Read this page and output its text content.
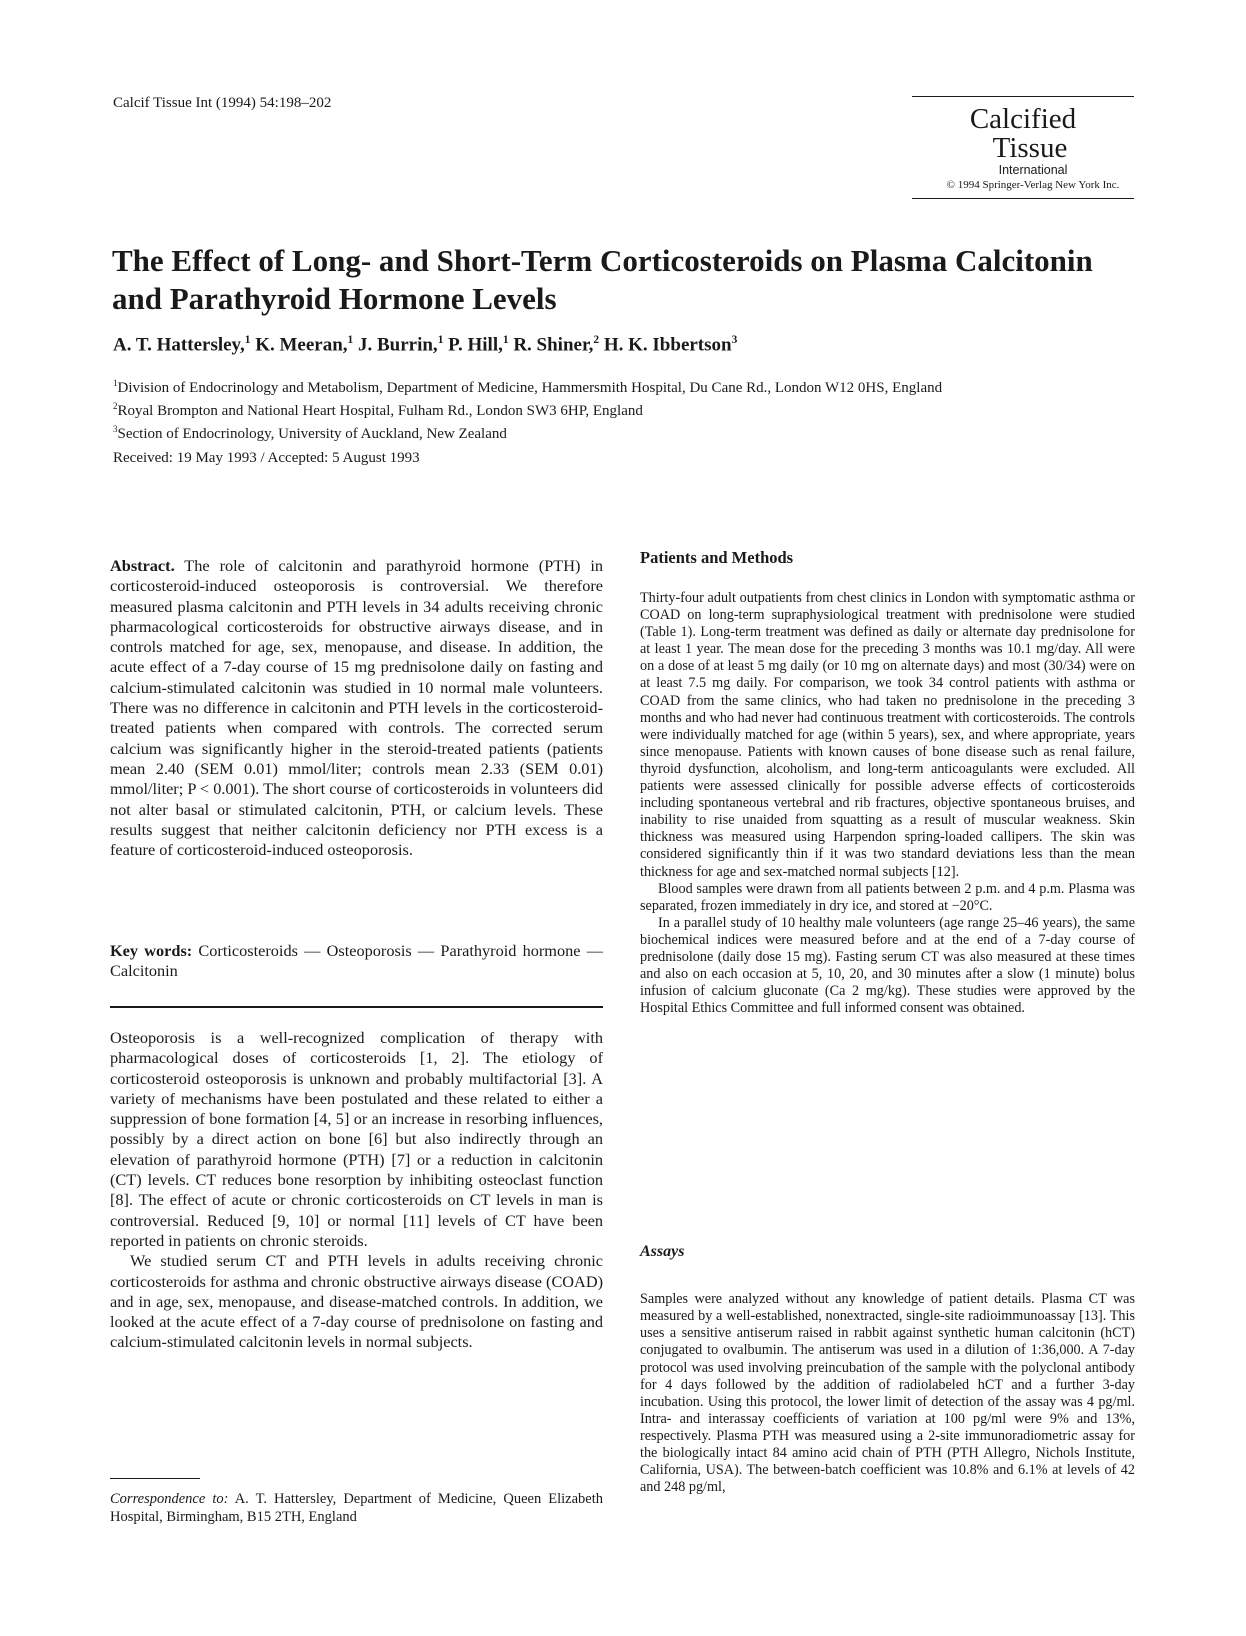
Calcif Tissue Int (1994) 54:198–202	Calcified
Tissue
International
© 1994 Springer-Verlag New York Inc.
The Effect of Long- and Short-Term Corticosteroids on Plasma Calcitonin and Parathyroid Hormone Levels
A. T. Hattersley,$^1$ K. Meeran,$^1$ J. Burrin,$^1$ P. Hill,$^1$ R. Shiner,$^2$ H. K. Ibbertson$^3$
$^1$Division of Endocrinology and Metabolism, Department of Medicine, Hammersmith Hospital, Du Cane Rd., London W12 0HS, England
$^2$Royal Brompton and National Heart Hospital, Fulham Rd., London SW3 6HP, England
$^3$Section of Endocrinology, University of Auckland, New Zealand
Received: 19 May 1993 / Accepted: 5 August 1993

Abstract. The role of calcitonin and parathyroid hormone (PTH) in corticosteroid-induced osteoporosis is controversial. We therefore measured plasma calcitonin and PTH levels in 34 adults receiving chronic pharmacological corticosteroids for obstructive airways disease, and in controls matched for age, sex, menopause, and disease. In addition, the acute effect of a 7-day course of 15 mg prednisolone daily on fasting and calcium-stimulated calcitonin was studied in 10 normal male volunteers. There was no difference in calcitonin and PTH levels in the corticosteroid-treated patients when compared with controls. The corrected serum calcium was significantly higher in the steroid-treated patients (patients mean 2.40 (SEM 0.01) mmol/liter; controls mean 2.33 (SEM 0.01) mmol/liter; P < 0.001). The short course of corticosteroids in volunteers did not alter basal or stimulated calcitonin, PTH, or calcium levels. These results suggest that neither calcitonin deficiency nor PTH excess is a feature of corticosteroid-induced osteoporosis.

Key words: Corticosteroids — Osteoporosis — Parathyroid hormone — Calcitonin

Osteoporosis is a well-recognized complication of therapy with pharmacological doses of corticosteroids [1, 2]. The etiology of corticosteroid osteoporosis is unknown and probably multifactorial [3]. A variety of mechanisms have been postulated and these related to either a suppression of bone formation [4, 5] or an increase in resorbing influences, possibly by a direct action on bone [6] but also indirectly through an elevation of parathyroid hormone (PTH) [7] or a reduction in calcitonin (CT) levels. CT reduces bone resorption by inhibiting osteoclast function [8]. The effect of acute or chronic corticosteroids on CT levels in man is controversial. Reduced [9, 10] or normal [11] levels of CT have been reported in patients on chronic steroids.

We studied serum CT and PTH levels in adults receiving chronic corticosteroids for asthma and chronic obstructive airways disease (COAD) and in age, sex, menopause, and disease-matched controls. In addition, we looked at the acute effect of a 7-day course of prednisolone on fasting and calcium-stimulated calcitonin levels in normal subjects.

Correspondence to: A. T. Hattersley, Department of Medicine, Queen Elizabeth Hospital, Birmingham, B15 2TH, England

Patients and Methods

Thirty-four adult outpatients from chest clinics in London with symptomatic asthma or COAD on long-term supraphysiological treatment with prednisolone were studied (Table 1). Long-term treatment was defined as daily or alternate day prednisolone for at least 1 year. The mean dose for the preceding 3 months was 10.1 mg/day. All were on a dose of at least 5 mg daily (or 10 mg on alternate days) and most (30/34) were on at least 7.5 mg daily. For comparison, we took 34 control patients with asthma or COAD from the same clinics, who had taken no prednisolone in the preceding 3 months and who had never had continuous treatment with corticosteroids. The controls were individually matched for age (within 5 years), sex, and where appropriate, years since menopause. Patients with known causes of bone disease such as renal failure, thyroid dysfunction, alcoholism, and long-term anticoagulants were excluded. All patients were assessed clinically for possible adverse effects of corticosteroids including spontaneous vertebral and rib fractures, objective spontaneous bruises, and inability to rise unaided from squatting as a result of muscular weakness. Skin thickness was measured using Harpendon spring-loaded callipers. The skin was considered significantly thin if it was two standard deviations less than the mean thickness for age and sex-matched normal subjects [12].

Blood samples were drawn from all patients between 2 p.m. and 4 p.m. Plasma was separated, frozen immediately in dry ice, and stored at −20°C.

In a parallel study of 10 healthy male volunteers (age range 25–46 years), the same biochemical indices were measured before and at the end of a 7-day course of prednisolone (daily dose 15 mg). Fasting serum CT was also measured at these times and also on each occasion at 5, 10, 20, and 30 minutes after a slow (1 minute) bolus infusion of calcium gluconate (Ca 2 mg/kg). These studies were approved by the Hospital Ethics Committee and full informed consent was obtained.

Assays

Samples were analyzed without any knowledge of patient details. Plasma CT was measured by a well-established, nonextracted, single-site radioimmunoassay [13]. This uses a sensitive antiserum raised in rabbit against synthetic human calcitonin (hCT) conjugated to ovalbumin. The antiserum was used in a dilution of 1:36,000. A 7-day protocol was used involving preincubation of the sample with the polyclonal antibody for 4 days followed by the addition of radiolabeled hCT and a further 3-day incubation. Using this protocol, the lower limit of detection of the assay was 4 pg/ml. Intra- and interassay coefficients of variation at 100 pg/ml were 9% and 13%, respectively. Plasma PTH was measured using a 2-site immunoradiometric assay for the biologically intact 84 amino acid chain of PTH (PTH Allegro, Nichols Institute, California, USA). The between-batch coefficient was 10.8% and 6.1% at levels of 42 and 248 pg/ml,
